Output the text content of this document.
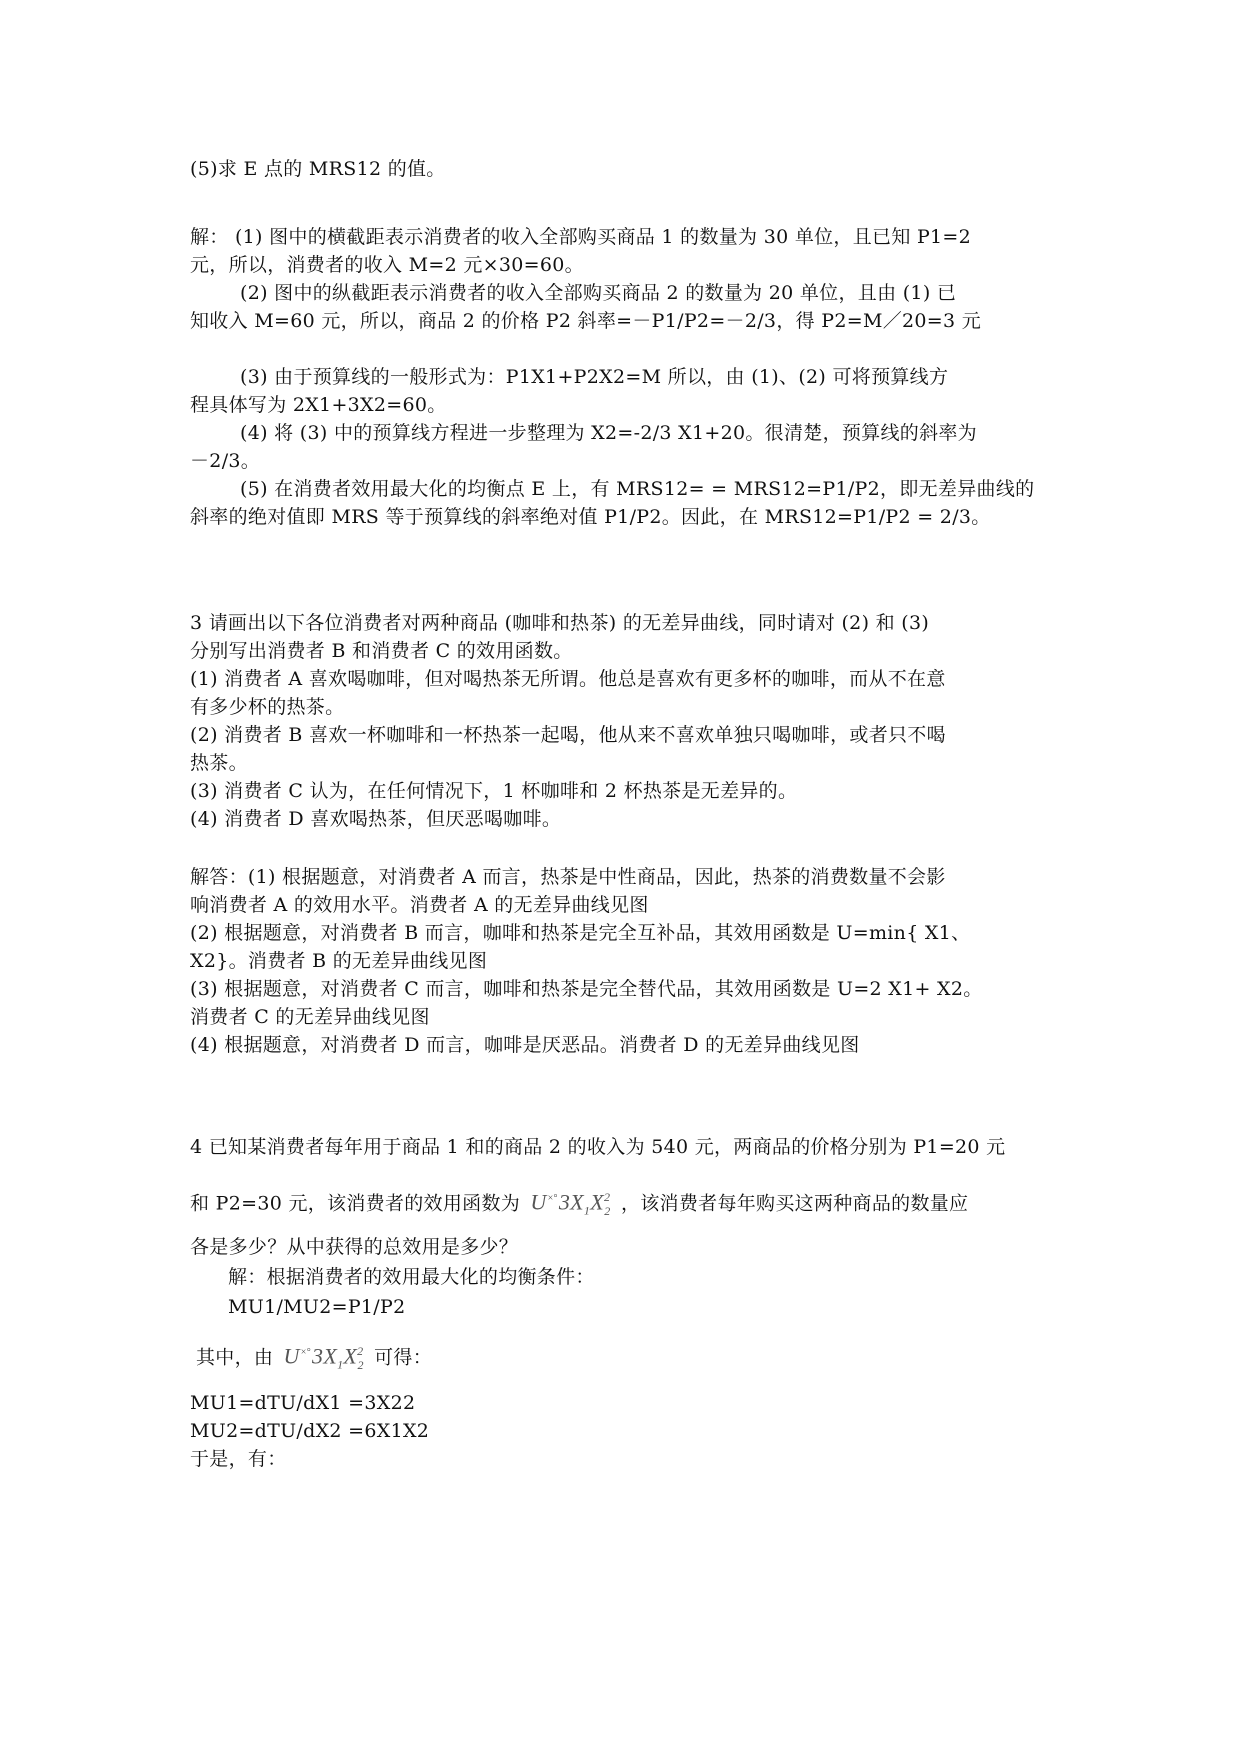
(5)求 E 点的 MRS12 的值。
解： (1) 图中的横截距表示消费者的收入全部购买商品 1 的数量为 30 单位，且已知 P1=2
元，所以，消费者的收入 M=2 元×30=60。
(2) 图中的纵截距表示消费者的收入全部购买商品 2 的数量为 20 单位，且由 (1) 已
知收入 M=60 元，所以，商品 2 的价格 P2 斜率=－P1/P2=－2/3，得 P2=M／20=3 元
(3) 由于预算线的一般形式为：P1X1+P2X2=M 所以，由 (1)、(2) 可将预算线方
程具体写为 2X1+3X2=60。
(4) 将 (3) 中的预算线方程进一步整理为 X2=-2/3 X1+20。很清楚，预算线的斜率为
－2/3。
(5) 在消费者效用最大化的均衡点 E 上，有 MRS12= = MRS12=P1/P2，即无差异曲线的
斜率的绝对值即 MRS 等于预算线的斜率绝对值 P1/P2。因此，在 MRS12=P1/P2 = 2/3。
3 请画出以下各位消费者对两种商品 (咖啡和热茶) 的无差异曲线，同时请对 (2) 和 (3)
分别写出消费者 B 和消费者 C 的效用函数。
(1) 消费者 A 喜欢喝咖啡，但对喝热茶无所谓。他总是喜欢有更多杯的咖啡，而从不在意
有多少杯的热茶。
(2) 消费者 B 喜欢一杯咖啡和一杯热茶一起喝，他从来不喜欢单独只喝咖啡，或者只不喝
热茶。
(3) 消费者 C 认为，在任何情况下，1 杯咖啡和 2 杯热茶是无差异的。
(4) 消费者 D 喜欢喝热茶，但厌恶喝咖啡。
解答：(1) 根据题意，对消费者 A 而言，热茶是中性商品，因此，热茶的消费数量不会影
响消费者 A 的效用水平。消费者 A 的无差异曲线见图
(2) 根据题意，对消费者 B 而言，咖啡和热茶是完全互补品，其效用函数是 U=min{ X1、
X2}。消费者 B 的无差异曲线见图
(3) 根据题意，对消费者 C 而言，咖啡和热茶是完全替代品，其效用函数是 U=2 X1+ X2。
消费者 C 的无差异曲线见图
(4) 根据题意，对消费者 D 而言，咖啡是厌恶品。消费者 D 的无差异曲线见图
4 已知某消费者每年用于商品 1 和的商品 2 的收入为 540 元，两商品的价格分别为 P1=20 元
和 P2=30 元，该消费者的效用函数为 $U^{\times^\circ}3X_1X^2_2$ ，该消费者每年购买这两种商品的数量应
各是多少？从中获得的总效用是多少？
解：根据消费者的效用最大化的均衡条件：
MU1/MU2=P1/P2
其中，由 $U^{\times^\circ}3X_1X^2_2$ 可得：
MU1=dTU/dX1 =3X22
MU2=dTU/dX2 =6X1X2
于是，有：
